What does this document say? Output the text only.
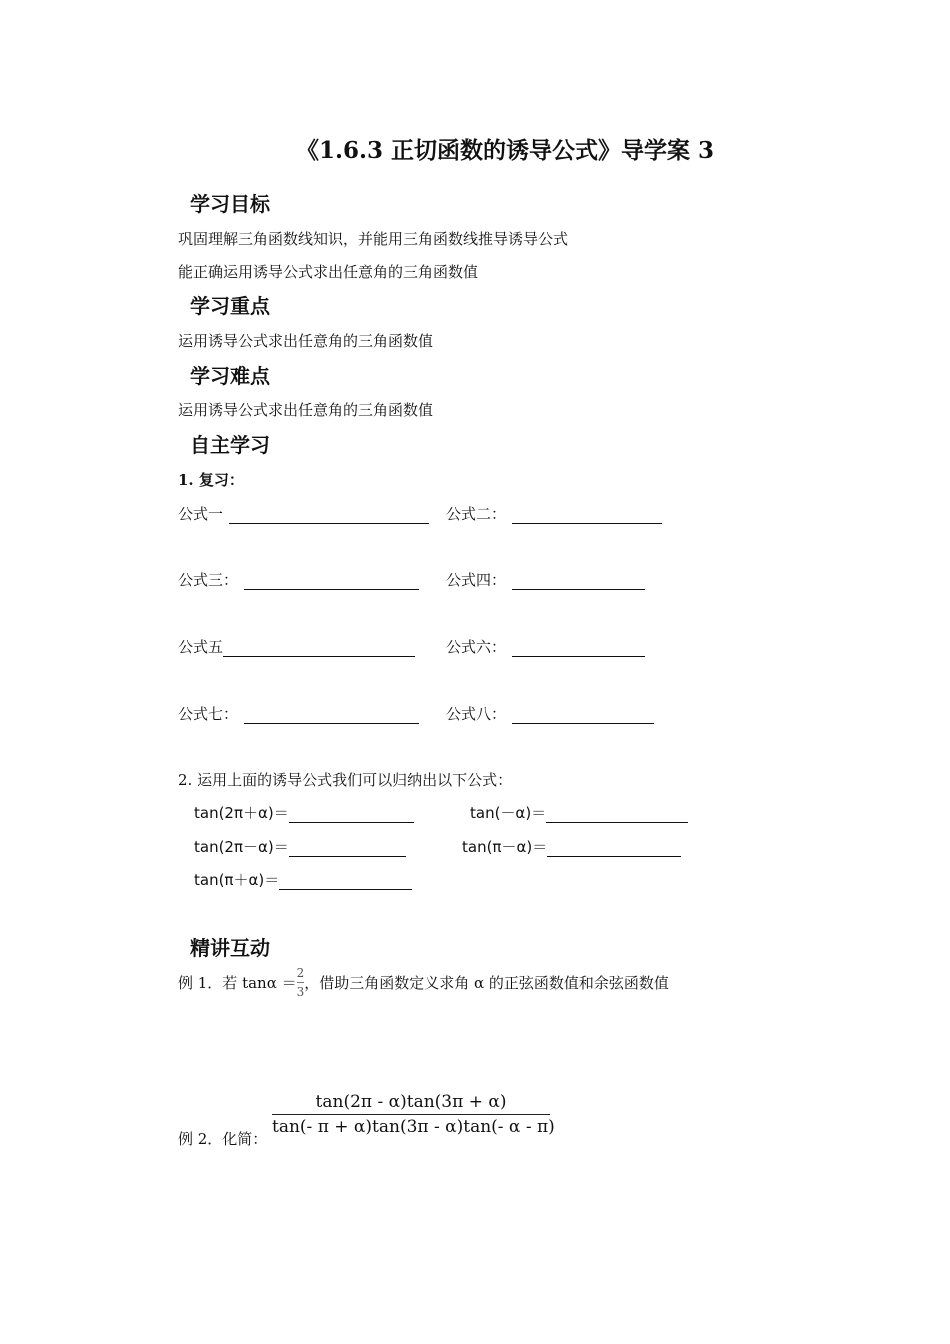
《1.6.3 正切函数的诱导公式》导学案 3
学习目标
巩固理解三角函数线知识，并能用三角函数线推导诱导公式
能正确运用诱导公式求出任意角的三角函数值
学习重点
运用诱导公式求出任意角的三角函数值
学习难点
运用诱导公式求出任意角的三角函数值
自主学习
1. 复习：
公式一	公式二：
公式三：	公式四：
公式五	公式六：
公式七：	公式八：
2. 运用上面的诱导公式我们可以归纳出以下公式：
tan(2π＋α)＝	tan(－α)＝
tan(2π－α)＝	tan(π－α)＝
tan(π＋α)＝
精讲互动
例 1．若 $\tan\alpha = \frac{2}{3}$ ，借助三角函数定义求角 α 的正弦函数值和余弦函数值
例 2．化简：
tan(2π - α)tan(3π + α)
tan(- π + α)tan(3π - α)tan(- α - π)
